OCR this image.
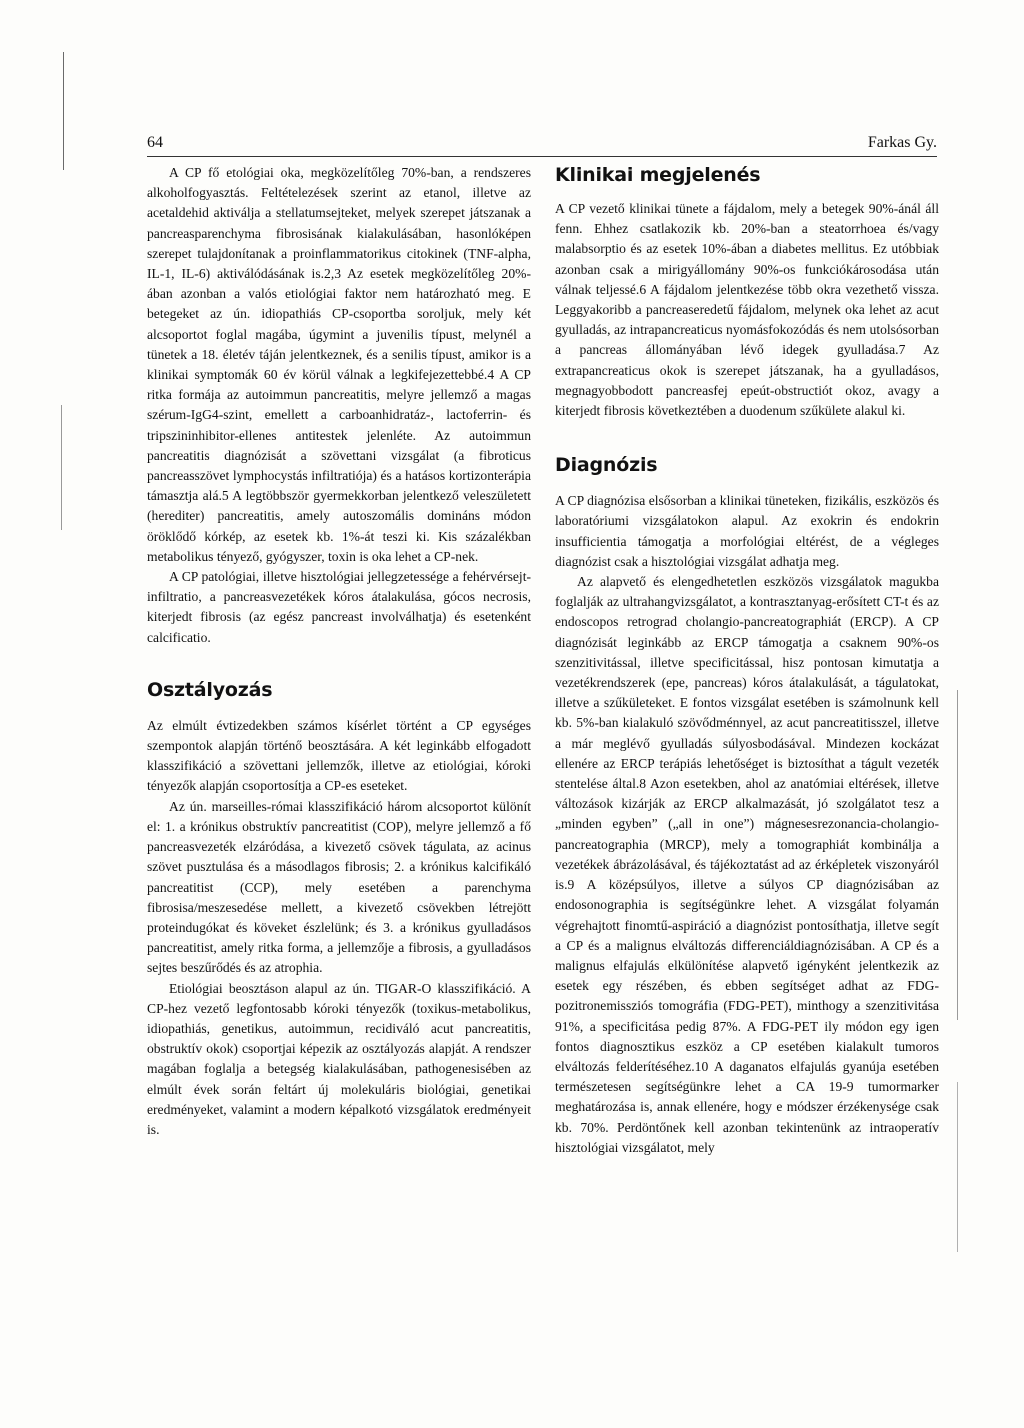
64	Farkas Gy.

A CP fő etológiai oka, megközelítőleg 70%-ban, a rendszeres alkoholfogyasztás. Feltételezések szerint az etanol, illetve az acetaldehid aktiválja a stellatumsejteket, melyek szerepet játszanak a pancreasparenchyma fibrosisának kialakulásában, hasonlóképen szerepet tulajdonítanak a proinflammatorikus citokinek (TNF-alpha, IL-1, IL-6) aktiválódásának is.2,3 Az esetek megközelítőleg 20%-ában azonban a valós etiológiai faktor nem határozható meg. E betegeket az ún. idiopathiás CP-csoportba soroljuk, mely két alcsoportot foglal magába, úgymint a juvenilis típust, melynél a tünetek a 18. életév táján jelentkeznek, és a senilis típust, amikor is a klinikai symptomák 60 év körül válnak a legkifejezettebbé.4 A CP ritka formája az autoimmun pancreatitis, melyre jellemző a magas szérum-IgG4-szint, emellett a carboanhidratáz-, lactoferrin- és tripszininhibitor-ellenes antitestek jelenléte. Az autoimmun pancreatitis diagnózisát a szövettani vizsgálat (a fibroticus pancreasszövet lymphocystás infiltratiója) és a hatásos kortizonterápia támasztja alá.5 A legtöbbször gyermekkorban jelentkező veleszületett (herediter) pancreatitis, amely autoszomális domináns módon öröklődő kórkép, az esetek kb. 1%-át teszi ki. Kis százalékban metabolikus tényező, gyógyszer, toxin is oka lehet a CP-nek.

A CP patológiai, illetve hisztológiai jellegzetessége a fehérvérsejt-infiltratio, a pancreasvezetékek kóros átalakulása, gócos necrosis, kiterjedt fibrosis (az egész pancreast involválhatja) és esetenként calcificatio.

Osztályozás

Az elmúlt évtizedekben számos kísérlet történt a CP egységes szempontok alapján történő beosztására. A két leginkább elfogadott klasszifikáció a szövettani jellemzők, illetve az etiológiai, kóroki tényezők alapján csoportosítja a CP-es eseteket.

Az ún. marseilles-római klasszifikáció három alcsoportot különít el: 1. a krónikus obstruktív pancreatitist (COP), melyre jellemző a fő pancreasvezeték elzáródása, a kivezető csövek tágulata, az acinus szövet pusztulása és a másodlagos fibrosis; 2. a krónikus kalcifikáló pancreatitist (CCP), mely esetében a parenchyma fibrosisa/meszesedése mellett, a kivezető csövekben létrejött proteindugókat és köveket észlelünk; és 3. a krónikus gyulladásos pancreatitist, amely ritka forma, a jellemzője a fibrosis, a gyulladásos sejtes beszűrődés és az atrophia.

Etiológiai beosztáson alapul az ún. TIGAR-O klasszifikáció. A CP-hez vezető legfontosabb kóroki tényezők (toxikus-metabolikus, idiopathiás, genetikus, autoimmun, recidiváló acut pancreatitis, obstruktív okok) csoportjai képezik az osztályozás alapját. A rendszer magában foglalja a betegség kialakulásában, pathogenesisében az elmúlt évek során feltárt új molekuláris biológiai, genetikai eredményeket, valamint a modern képalkotó vizsgálatok eredményeit is.

Klinikai megjelenés

A CP vezető klinikai tünete a fájdalom, mely a betegek 90%-ánál áll fenn. Ehhez csatlakozik kb. 20%-ban a steatorrhoea és/vagy malabsorptio és az esetek 10%-ában a diabetes mellitus. Ez utóbbiak azonban csak a mirigyállomány 90%-os funkciókárosodása után válnak teljessé.6 A fájdalom jelentkezése több okra vezethető vissza. Leggyakoribb a pancreaseredetű fájdalom, melynek oka lehet az acut gyulladás, az intrapancreaticus nyomásfokozódás és nem utolsósorban a pancreas állományában lévő idegek gyulladása.7 Az extrapancreaticus okok is szerepet játszanak, ha a gyulladásos, megnagyobbodott pancreasfej epeút-obstructiót okoz, avagy a kiterjedt fibrosis következtében a duodenum szűkülete alakul ki.

Diagnózis

A CP diagnózisa elsősorban a klinikai tüneteken, fizikális, eszközös és laboratóriumi vizsgálatokon alapul. Az exokrin és endokrin insufficientia támogatja a morfológiai eltérést, de a végleges diagnózist csak a hisztológiai vizsgálat adhatja meg.

Az alapvető és elengedhetetlen eszközös vizsgálatok magukba foglalják az ultrahangvizsgálatot, a kontrasztanyag-erősített CT-t és az endoscopos retrograd cholangio-pancreatographiát (ERCP). A CP diagnózisát leginkább az ERCP támogatja a csaknem 90%-os szenzitivitással, illetve specificitással, hisz pontosan kimutatja a vezetékrendszerek (epe, pancreas) kóros átalakulását, a tágulatokat, illetve a szűkületeket. E fontos vizsgálat esetében is számolnunk kell kb. 5%-ban kialakuló szövődménnyel, az acut pancreatitisszel, illetve a már meglévő gyulladás súlyosbodásával. Mindezen kockázat ellenére az ERCP terápiás lehetőséget is biztosíthat a tágult vezeték stentelése által.8 Azon esetekben, ahol az anatómiai eltérések, illetve változások kizárják az ERCP alkalmazását, jó szolgálatot tesz a „minden egyben” („all in one”) mágnesesrezonancia-cholangio-pancreatographia (MRCP), mely a tomographiát kombinálja a vezetékek ábrázolásával, és tájékoztatást ad az érképletek viszonyáról is.9 A középsúlyos, illetve a súlyos CP diagnózisában az endosonographia is segítségünkre lehet. A vizsgálat folyamán végrehajtott finomtű-aspiráció a diagnózist pontosíthatja, illetve segít a CP és a malignus elváltozás differenciáldiagnózisában. A CP és a malignus elfajulás elkülönítése alapvető igényként jelentkezik az esetek egy részében, és ebben segítséget adhat az FDG-pozitronemissziós tomográfia (FDG-PET), minthogy a szenzitivitása 91%, a specificitása pedig 87%. A FDG-PET ily módon egy igen fontos diagnosztikus eszköz a CP esetében kialakult tumoros elváltozás felderítéséhez.10 A daganatos elfajulás gyanúja esetében természetesen segítségünkre lehet a CA 19-9 tumormarker meghatározása is, annak ellenére, hogy e módszer érzékenysége csak kb. 70%. Perdöntőnek kell azonban tekintenünk az intraoperatív hisztológiai vizsgálatot, mely
